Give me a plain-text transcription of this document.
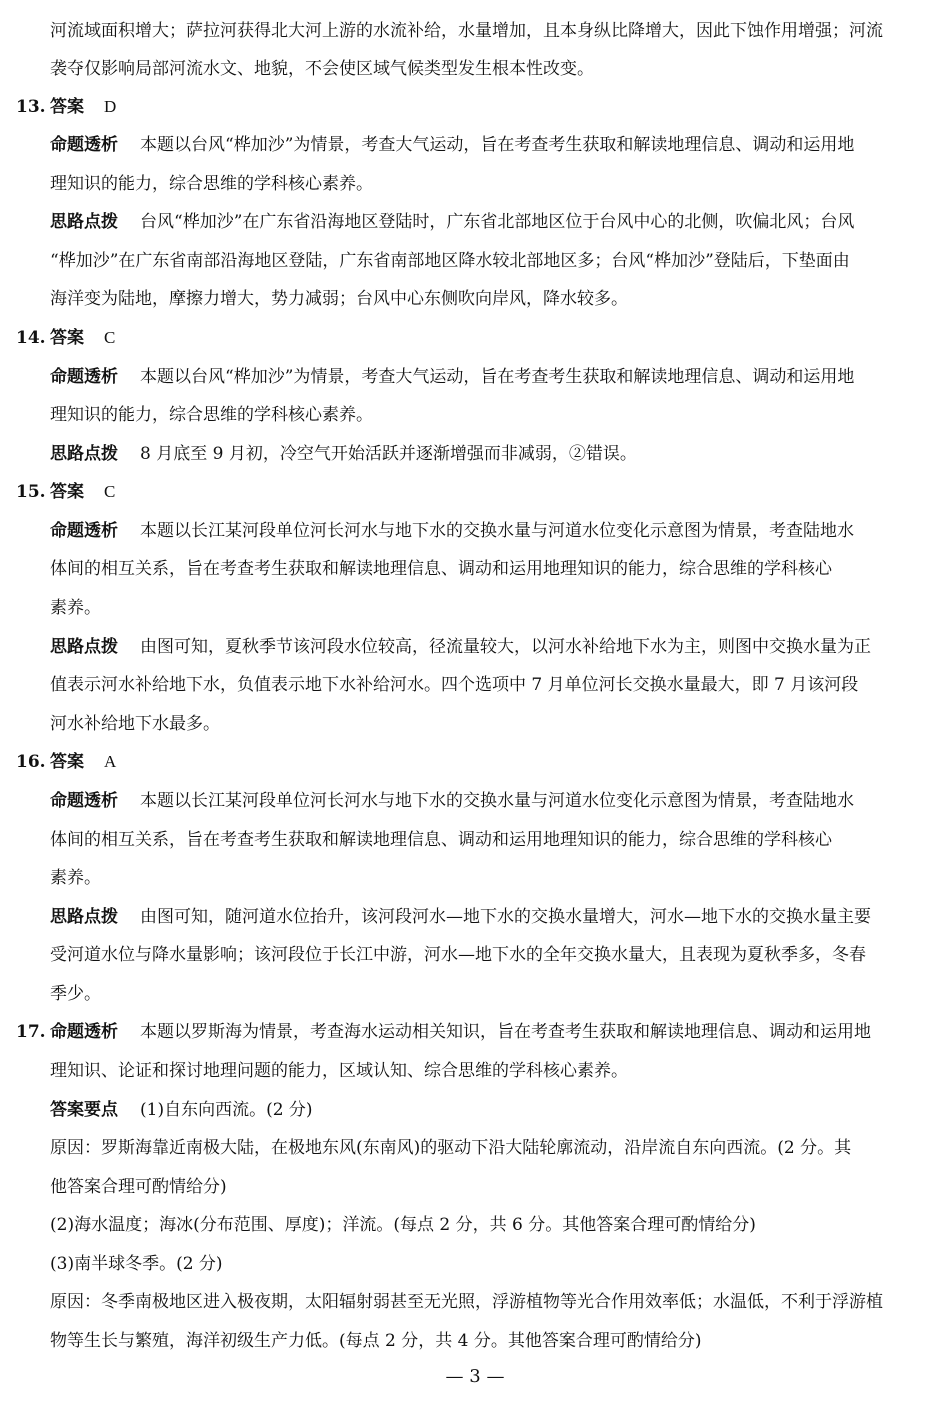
河流域面积增大；萨拉河获得北大河上游的水流补给，水量增加，且本身纵比降增大，因此下蚀作用增强；河流
袭夺仅影响局部河流水文、地貌，不会使区域气候类型发生根本性改变。
13. 答案 D
命题透析 本题以台风“桦加沙”为情景，考查大气运动，旨在考查考生获取和解读地理信息、调动和运用地
理知识的能力，综合思维的学科核心素养。
思路点拨 台风“桦加沙”在广东省沿海地区登陆时，广东省北部地区位于台风中心的北侧，吹偏北风；台风
“桦加沙”在广东省南部沿海地区登陆，广东省南部地区降水较北部地区多；台风“桦加沙”登陆后，下垫面由
海洋变为陆地，摩擦力增大，势力减弱；台风中心东侧吹向岸风，降水较多。
14. 答案 C
命题透析 本题以台风“桦加沙”为情景，考查大气运动，旨在考查考生获取和解读地理信息、调动和运用地
理知识的能力，综合思维的学科核心素养。
思路点拨 8 月底至 9 月初，冷空气开始活跃并逐渐增强而非减弱，②错误。
15. 答案 C
命题透析 本题以长江某河段单位河长河水与地下水的交换水量与河道水位变化示意图为情景，考查陆地水
体间的相互关系，旨在考查考生获取和解读地理信息、调动和运用地理知识的能力，综合思维的学科核心
素养。
思路点拨 由图可知，夏秋季节该河段水位较高，径流量较大，以河水补给地下水为主，则图中交换水量为正
值表示河水补给地下水，负值表示地下水补给河水。四个选项中 7 月单位河长交换水量最大，即 7 月该河段
河水补给地下水最多。
16. 答案 A
命题透析 本题以长江某河段单位河长河水与地下水的交换水量与河道水位变化示意图为情景，考查陆地水
体间的相互关系，旨在考查考生获取和解读地理信息、调动和运用地理知识的能力，综合思维的学科核心
素养。
思路点拨 由图可知，随河道水位抬升，该河段河水—地下水的交换水量增大，河水—地下水的交换水量主要
受河道水位与降水量影响；该河段位于长江中游，河水—地下水的全年交换水量大，且表现为夏秋季多，冬春
季少。
17. 命题透析 本题以罗斯海为情景，考查海水运动相关知识，旨在考查考生获取和解读地理信息、调动和运用地
理知识、论证和探讨地理问题的能力，区域认知、综合思维的学科核心素养。
答案要点 (1)自东向西流。(2 分)
原因：罗斯海靠近南极大陆，在极地东风(东南风)的驱动下沿大陆轮廓流动，沿岸流自东向西流。(2 分。其
他答案合理可酌情给分)
(2)海水温度；海冰(分布范围、厚度)；洋流。(每点 2 分，共 6 分。其他答案合理可酌情给分)
(3)南半球冬季。(2 分)
原因：冬季南极地区进入极夜期，太阳辐射弱甚至无光照，浮游植物等光合作用效率低；水温低，不利于浮游植
物等生长与繁殖，海洋初级生产力低。(每点 2 分，共 4 分。其他答案合理可酌情给分)
— 3 —
